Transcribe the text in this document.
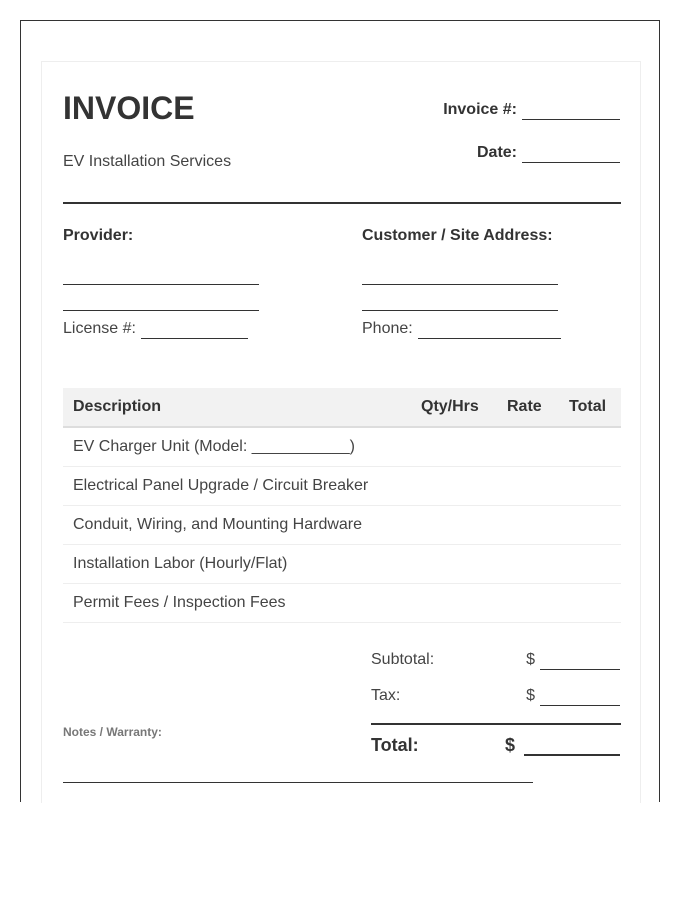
INVOICE
EV Installation Services
Invoice #:
Date:
Provider:	Customer / Site Address:
License #:	Phone:
Description	Qty/Hrs	Rate	Total
EV Charger Unit (Model: ___________)			
Electrical Panel Upgrade / Circuit Breaker			
Conduit, Wiring, and Mounting Hardware			
Installation Labor (Hourly/Flat)			
Permit Fees / Inspection Fees			
Subtotal:	$
Tax:	$
Total:	$
Notes / Warranty:
